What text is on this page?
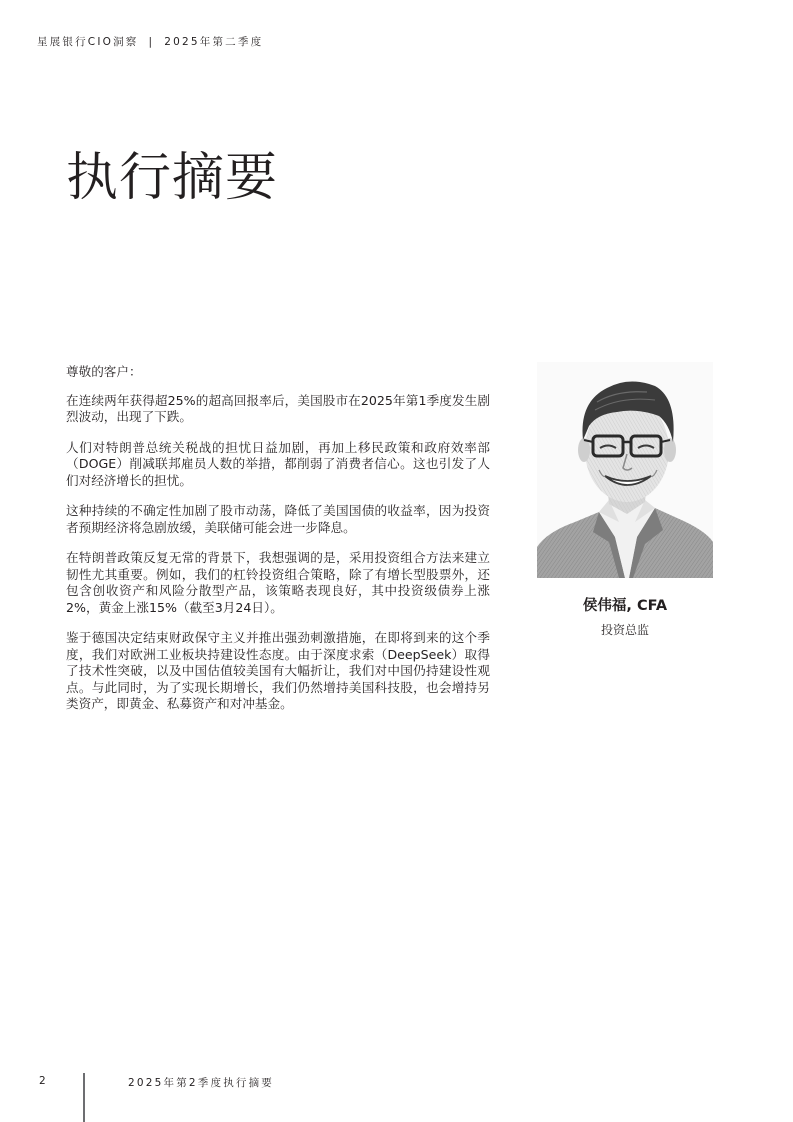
星展银行CIO洞察 | 2025年第二季度
执行摘要

尊敬的客户：

在连续两年获得超25%的超高回报率后，美国股市在2025年第1季度发生剧烈波动，出现了下跌。

人们对特朗普总统关税战的担忧日益加剧，再加上移民政策和政府效率部（DOGE）削减联邦雇员人数的举措，都削弱了消费者信心。这也引发了人们对经济增长的担忧。

这种持续的不确定性加剧了股市动荡，降低了美国国债的收益率，因为投资者预期经济将急剧放缓，美联储可能会进一步降息。

在特朗普政策反复无常的背景下，我想强调的是，采用投资组合方法来建立韧性尤其重要。例如，我们的杠铃投资组合策略，除了有增长型股票外，还包含创收资产和风险分散型产品，该策略表现良好，其中投资级债券上涨2%，黄金上涨15%（截至3月24日）。

鉴于德国决定结束财政保守主义并推出强劲刺激措施，在即将到来的这个季度，我们对欧洲工业板块持建设性态度。由于深度求索（DeepSeek）取得了技术性突破，以及中国估值较美国有大幅折让，我们对中国仍持建设性观点。与此同时，为了实现长期增长，我们仍然增持美国科技股，也会增持另类资产，即黄金、私募资产和对冲基金。

侯伟福, CFA
投资总监
2	2025年第2季度执行摘要
